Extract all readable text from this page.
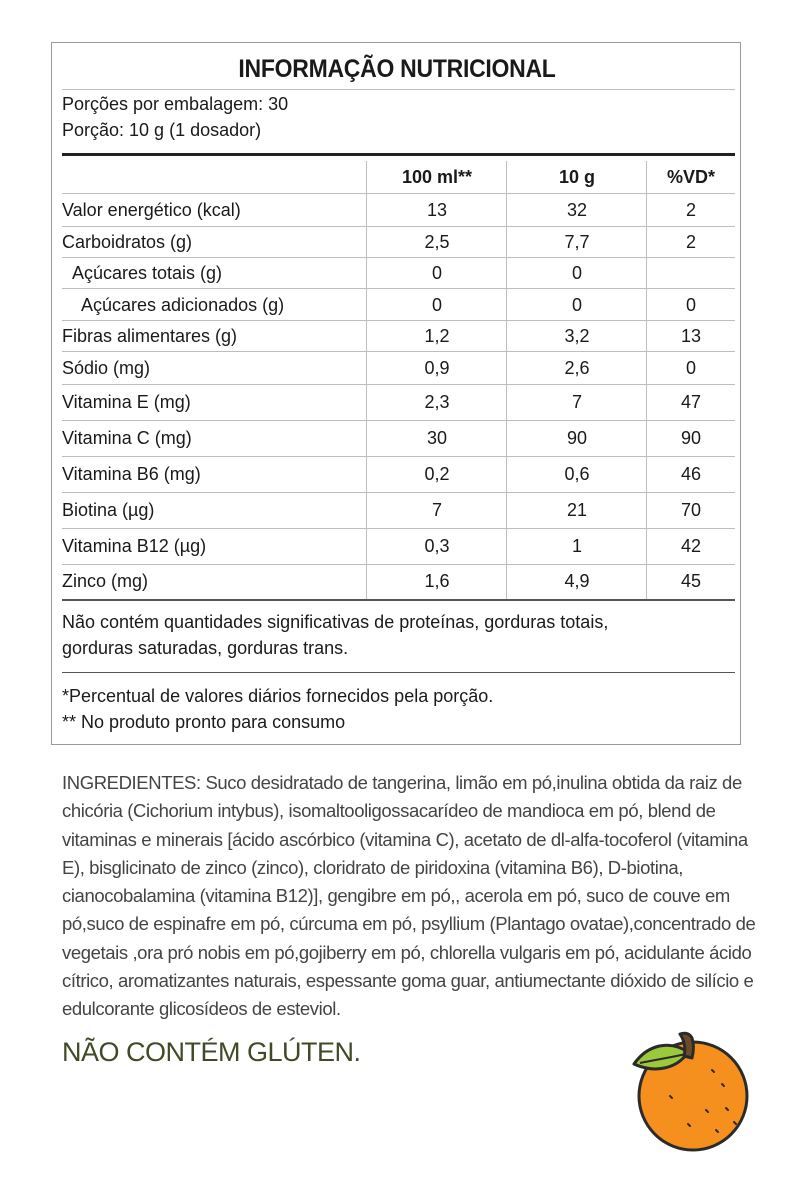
INFORMAÇÃO NUTRICIONAL
Porções por embalagem: 30
Porção: 10 g (1 dosador)
100 ml**	10 g	%VD*
Valor energético (kcal)	13	32	2
Carboidratos (g)	2,5	7,7	2
Açúcares totais (g)	0	0
Açúcares adicionados (g)	0	0	0
Fibras alimentares (g)	1,2	3,2	13
Sódio (mg)	0,9	2,6	0
Vitamina E (mg)	2,3	7	47
Vitamina C (mg)	30	90	90
Vitamina B6 (mg)	0,2	0,6	46
Biotina (µg)	7	21	70
Vitamina B12 (µg)	0,3	1	42
Zinco (mg)	1,6	4,9	45
Não contém quantidades significativas de proteínas, gorduras totais,
gorduras saturadas, gorduras trans.
*Percentual de valores diários fornecidos pela porção.
** No produto pronto para consumo
INGREDIENTES: Suco desidratado de tangerina, limão em pó,inulina obtida da raiz de
chicória (Cichorium intybus), isomaltooligossacarídeo de mandioca em pó, blend de
vitaminas e minerais [ácido ascórbico (vitamina C), acetato de dl-alfa-tocoferol (vitamina
E), bisglicinato de zinco (zinco), cloridrato de piridoxina (vitamina B6), D-biotina,
cianocobalamina (vitamina B12)], gengibre em pó,, acerola em pó, suco de couve em
pó,suco de espinafre em pó, cúrcuma em pó, psyllium (Plantago ovatae),concentrado de
vegetais ,ora pró nobis em pó,gojiberry em pó, chlorella vulgaris em pó, acidulante ácido
cítrico, aromatizantes naturais, espessante goma guar, antiumectante dióxido de silício e
edulcorante glicosídeos de esteviol.
NÃO CONTÉM GLÚTEN.
